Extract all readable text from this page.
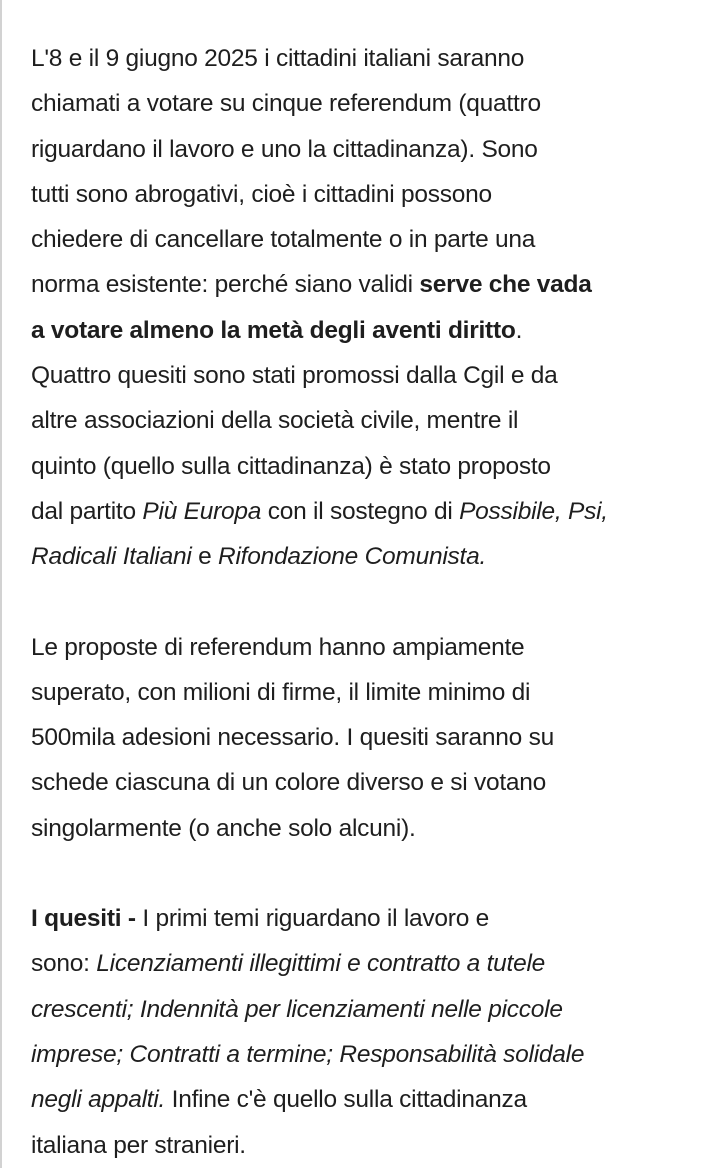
L'8 e il 9 giugno 2025 i cittadini italiani saranno
chiamati a votare su cinque referendum (quattro
riguardano il lavoro e uno la cittadinanza). Sono
tutti sono abrogativi, cioè i cittadini possono
chiedere di cancellare totalmente o in parte una
norma esistente: perché siano validi serve che vada
a votare almeno la metà degli aventi diritto.
Quattro quesiti sono stati promossi dalla Cgil e da
altre associazioni della società civile, mentre il
quinto (quello sulla cittadinanza) è stato proposto
dal partito Più Europa con il sostegno di Possibile, Psi,
Radicali Italiani e Rifondazione Comunista.

Le proposte di referendum hanno ampiamente
superato, con milioni di firme, il limite minimo di
500mila adesioni necessario. I quesiti saranno su
schede ciascuna di un colore diverso e si votano
singolarmente (o anche solo alcuni).

I quesiti - I primi temi riguardano il lavoro e
sono: Licenziamenti illegittimi e contratto a tutele
crescenti; Indennità per licenziamenti nelle piccole
imprese; Contratti a termine; Responsabilità solidale
negli appalti. Infine c'è quello sulla cittadinanza
italiana per stranieri.
